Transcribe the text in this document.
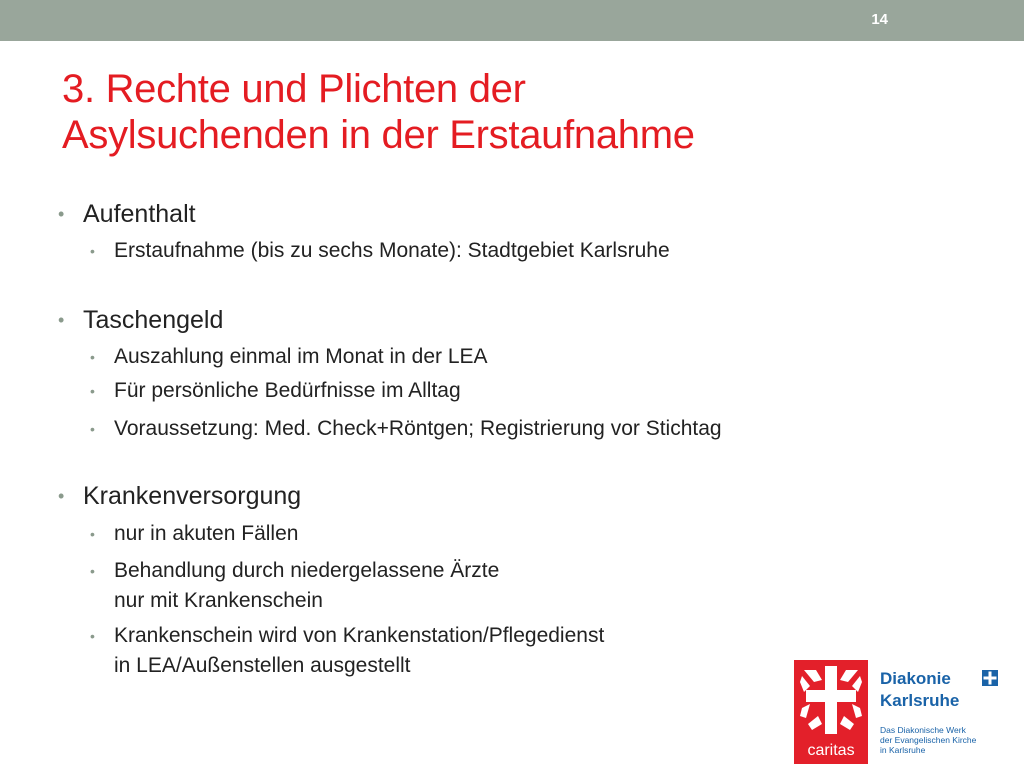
14
3. Rechte und Plichten der
Asylsuchenden in der Erstaufnahme
• Aufenthalt
• Erstaufnahme (bis zu sechs Monate): Stadtgebiet Karlsruhe
• Taschengeld
• Auszahlung einmal im Monat in der LEA
• Für persönliche Bedürfnisse im Alltag
• Voraussetzung: Med. Check+Röntgen; Registrierung vor Stichtag
• Krankenversorgung
• nur in akuten Fällen
• Behandlung durch niedergelassene Ärzte
nur mit Krankenschein
• Krankenschein wird von Krankenstation/Pflegedienst
in LEA/Außenstellen ausgestellt
caritas
Diakonie
Karlsruhe
Das Diakonische Werk
der Evangelischen Kirche
in Karlsruhe
